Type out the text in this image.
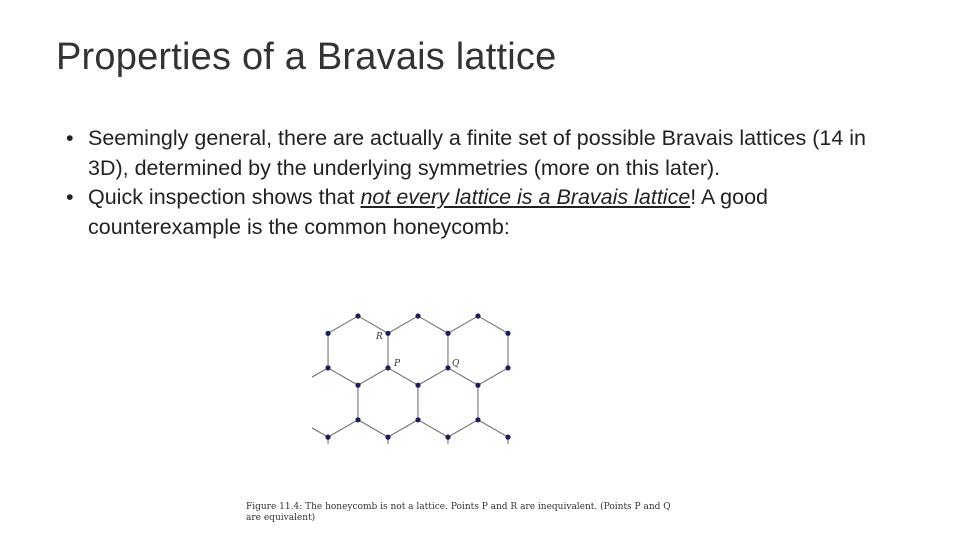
Properties of a Bravais lattice
• Seemingly general, there are actually a finite set of possible Bravais lattices (14 in 3D), determined by the underlying symmetries (more on this later).
• Quick inspection shows that not every lattice is a Bravais lattice! A good counterexample is the common honeycomb:
R
P	Q
Figure 11.4: The honeycomb is not a lattice. Points P and R are inequivalent. (Points P and Q are equivalent)
